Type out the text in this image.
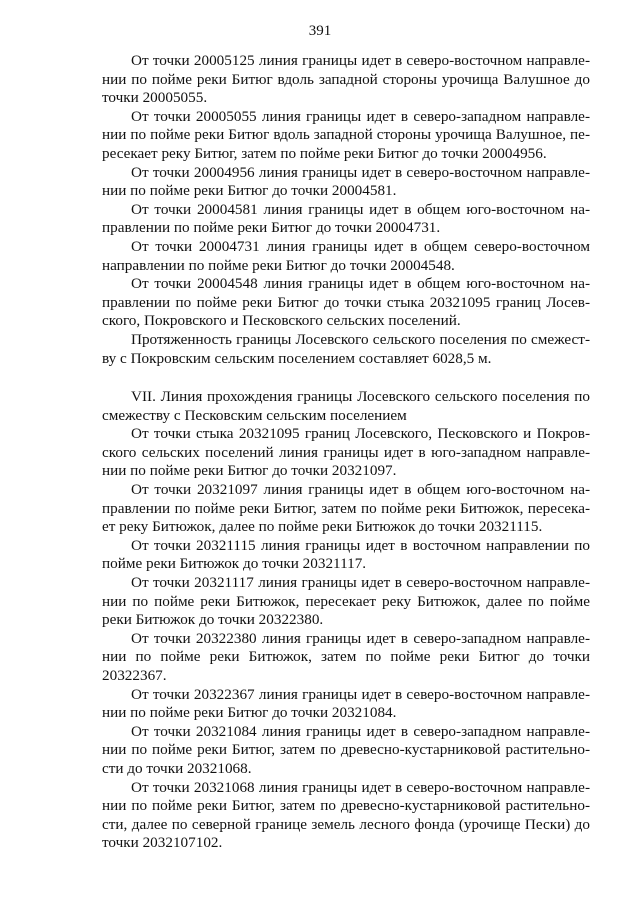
391

От точки 20005125 линия границы идет в северо-восточном направлении по пойме реки Битюг вдоль западной стороны урочища Валушное до точки 20005055.

От точки 20005055 линия границы идет в северо-западном направлении по пойме реки Битюг вдоль западной стороны урочища Валушное, пересекает реку Битюг, затем по пойме реки Битюг до точки 20004956.

От точки 20004956 линия границы идет в северо-восточном направлении по пойме реки Битюг до точки 20004581.

От точки 20004581 линия границы идет в общем юго-восточном направлении по пойме реки Битюг до точки 20004731.

От точки 20004731 линия границы идет в общем северо-восточном направлении по пойме реки Битюг до точки 20004548.

От точки 20004548 линия границы идет в общем юго-восточном направлении по пойме реки Битюг до точки стыка 20321095 границ Лосевского, Покровского и Песковского сельских поселений.

Протяженность границы Лосевского сельского поселения по смежеству с Покровским сельским поселением составляет 6028,5 м.

VII. Линия прохождения границы Лосевского сельского поселения по смежеству с Песковским сельским поселением

От точки стыка 20321095 границ Лосевского, Песковского и Покровского сельских поселений линия границы идет в юго-западном направлении по пойме реки Битюг до точки 20321097.

От точки 20321097 линия границы идет в общем юго-восточном направлении по пойме реки Битюг, затем по пойме реки Битюжок, пересекает реку Битюжок, далее по пойме реки Битюжок до точки 20321115.

От точки 20321115 линия границы идет в восточном направлении по пойме реки Битюжок до точки 20321117.

От точки 20321117 линия границы идет в северо-восточном направлении по пойме реки Битюжок, пересекает реку Битюжок, далее по пойме реки Битюжок до точки 20322380.

От точки 20322380 линия границы идет в северо-западном направлении по пойме реки Битюжок, затем по пойме реки Битюг до точки 20322367.

От точки 20322367 линия границы идет в северо-восточном направлении по пойме реки Битюг до точки 20321084.

От точки 20321084 линия границы идет в северо-западном направлении по пойме реки Битюг, затем по древесно-кустарниковой растительности до точки 20321068.

От точки 20321068 линия границы идет в северо-восточном направлении по пойме реки Битюг, затем по древесно-кустарниковой растительности, далее по северной границе земель лесного фонда (урочище Пески) до точки 2032107102.
